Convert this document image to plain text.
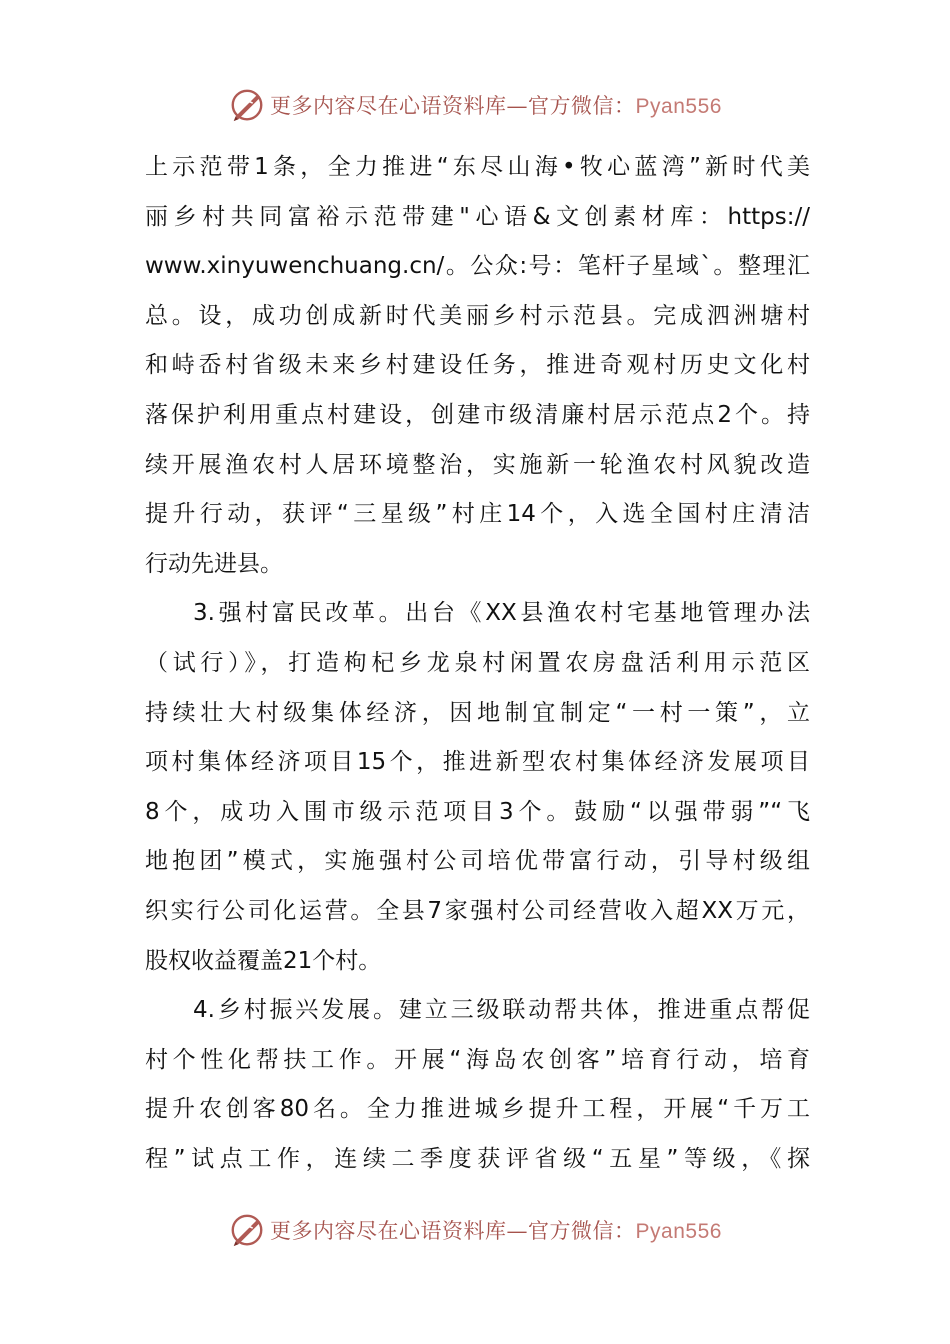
更多内容尽在心语资料库—官方微信：Pyan556

上示范带1条，全力推进“东尽山海•牧心蓝湾”新时代美
丽乡村共同富裕示范带建"心语&文创素材库：https://
www.xinyuwenchuang.cn/。公众:号：笔杆子星域`。整理汇
总。设，成功创成新时代美丽乡村示范县。完成泗洲塘村
和峙岙村省级未来乡村建设任务，推进奇观村历史文化村
落保护利用重点村建设，创建市级清廉村居示范点2个。持
续开展渔农村人居环境整治，实施新一轮渔农村风貌改造
提升行动，获评“三星级”村庄14个，入选全国村庄清洁
行动先进县。

3.强村富民改革。出台《XX县渔农村宅基地管理办法
（试行）》，打造枸杞乡龙泉村闲置农房盘活利用示范区
持续壮大村级集体经济，因地制宜制定“一村一策”，立
项村集体经济项目15个，推进新型农村集体经济发展项目
8个，成功入围市级示范项目3个。鼓励“以强带弱”“飞
地抱团”模式，实施强村公司培优带富行动，引导村级组
织实行公司化运营。全县7家强村公司经营收入超XX万元，
股权收益覆盖21个村。

4.乡村振兴发展。建立三级联动帮共体，推进重点帮促
村个性化帮扶工作。开展“海岛农创客”培育行动，培育
提升农创客80名。全力推进城乡提升工程，开展“千万工
程”试点工作，连续二季度获评省级“五星”等级，《探

更多内容尽在心语资料库—官方微信：Pyan556
